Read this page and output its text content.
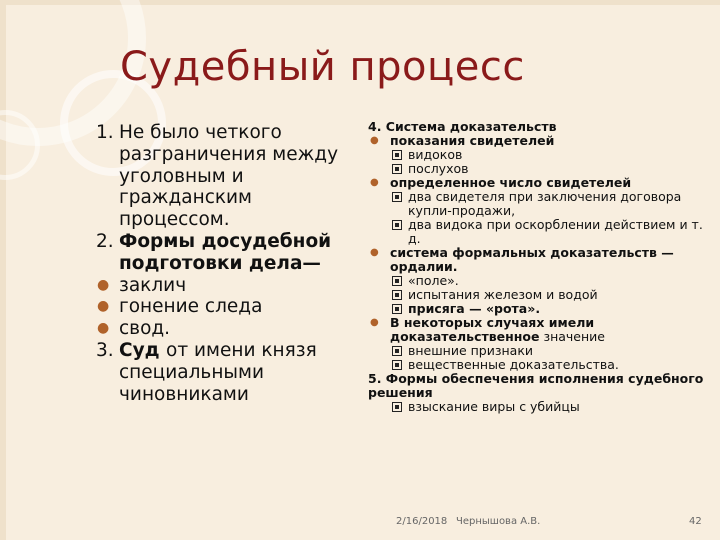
Судебный процесс
1. Не было четкого разграничения между уголовным и гражданским процессом.
2. Формы досудебной подготовки дела—
● заклич
● гонение следа
● свод.
3. Суд от имени князя специальными чиновниками
4. Система доказательств
● показания свидетелей
видоков
послухов
● определенное число свидетелей
два свидетеля при заключения договора купли-продажи,
два видока при оскорблении действием и т. д.
● система формальных доказательств — ордалии.
«поле».
испытания железом и водой
присяга — «рота».
● В некоторых случаях имели доказательственное значение
внешние признаки
вещественные доказательства.
5. Формы обеспечения исполнения судебного решения
взыскание виры с убийцы
2/16/2018 Чернышова А.В.	42
